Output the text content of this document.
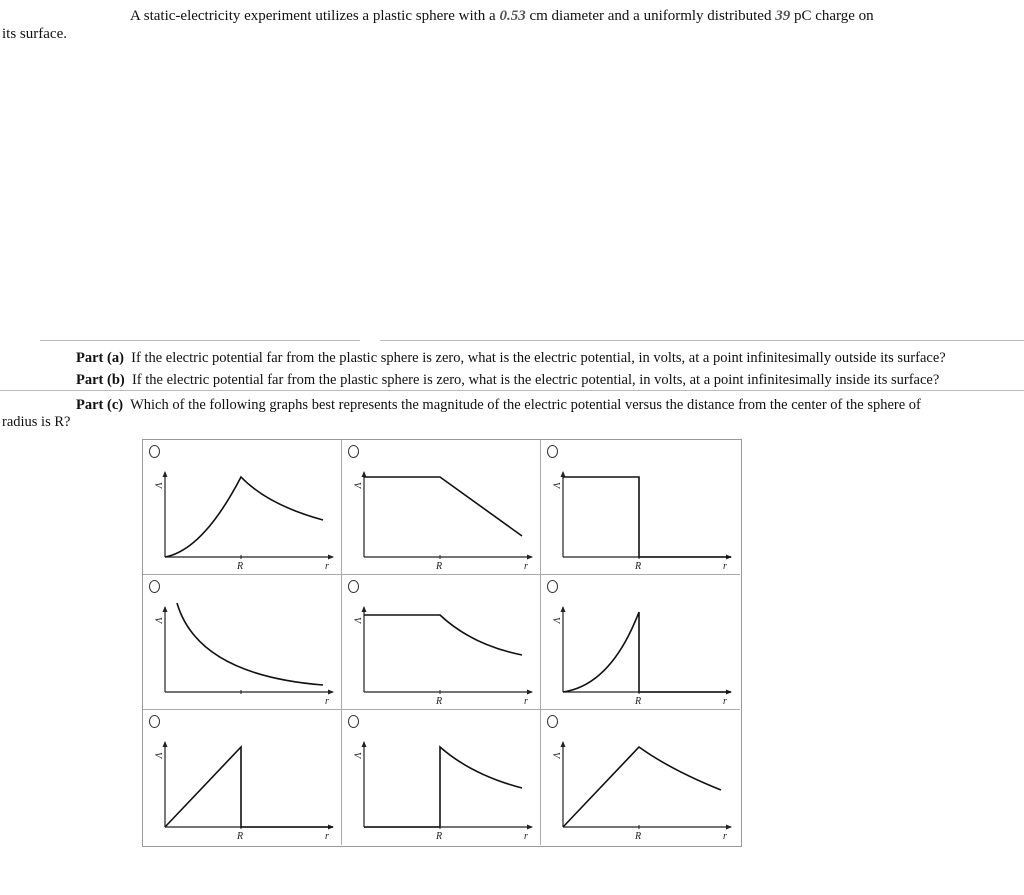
A static-electricity experiment utilizes a plastic sphere with a 0.53 cm diameter and a uniformly distributed 39 pC charge on
its surface.
Part (a) If the electric potential far from the plastic sphere is zero, what is the electric potential, in volts, at a point infinitesimally outside its surface?
Part (b) If the electric potential far from the plastic sphere is zero, what is the electric potential, in volts, at a point infinitesimally inside its surface?
Part (c) Which of the following graphs best represents the magnitude of the electric potential versus the distance from the center of the sphere of
radius is R?
V
r
R
V
r
R
V
r
R
V
r
V
r
R
V
r
R
V
r
R
V
r
R
V
r
R
